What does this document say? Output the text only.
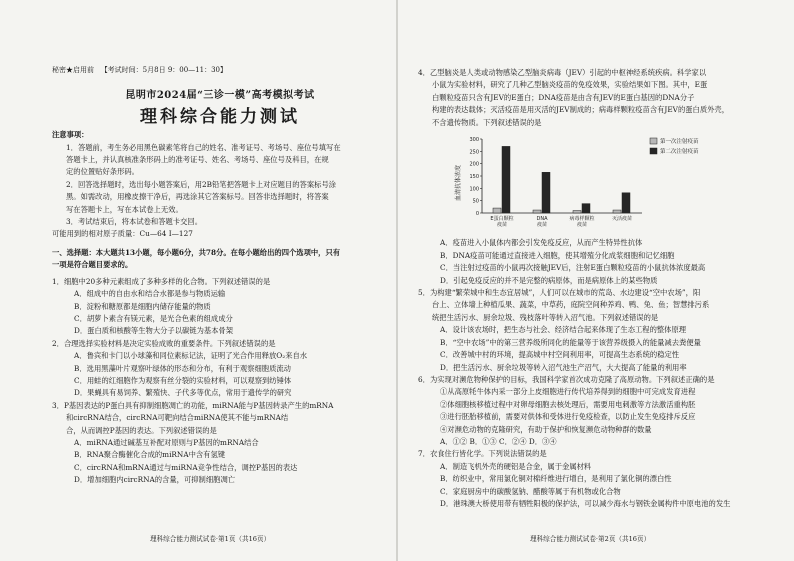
秘密★启用前 【考试时间：5月8日 9：00—11：30】

昆明市2024届“三诊一模”高考模拟考试

理科综合能力测试

注意事项：

1．答题前，考生务必用黑色碳素笔将自己的姓名、准考证号、考场号、座位号填写在

答题卡上，并认真核准条形码上的准考证号、姓名、考场号、座位号及科目，在规

定的位置贴好条形码。

2．回答选择题时，选出每小题答案后，用2B铅笔把答题卡上对应题目的答案标号涂

黑。如需改动，用橡皮擦干净后，再选涂其它答案标号。回答非选择题时，将答案

写在答题卡上，写在本试卷上无效。

3．考试结束后，将本试卷和答题卡交回。

可能用到的相对原子质量：Cu—64 I—127

一、选择题：本大题共13小题，每小题6分，共78分。在每小题给出的四个选项中，只有

一项是符合题目要求的。

1．细胞中20多种元素组成了多种多样的化合物。下列叙述错误的是

A．组成中的自由水和结合水都是参与物质运输

B．淀粉和糖原都是细胞内储存能量的物质

C．胡萝卜素含有镁元素，是光合色素的组成成分

D．蛋白质和核酸等生物大分子以碳链为基本骨架

2．合理选择实验材料是决定实验成败的重要条件。下列叙述错误的是

A．鲁宾和卡门以小球藻和同位素标记法，证明了光合作用释放O₂来自水

B．选用黑藻叶片观察叶绿体的形态和分布，有利于观察细胞质流动

C．用蛙的红细胞作为观察有丝分裂的实验材料，可以观察到纺锤体

D．果蝇具有易饲养、繁殖快、子代多等优点，常用于遗传学的研究

3．P基因表达的P蛋白具有抑制细胞凋亡的功能，miRNA能与P基因转录产生的mRNA

和circRNA结合，circRNA可靶向结合miRNA使其不能与mRNA结

合，从而调控P基因的表达。下列叙述错误的是

A．miRNA通过碱基互补配对原则与P基因的mRNA结合

B．RNA聚合酶催化合成的miRNA中含有氢键

C．circRNA和mRNA通过与miRNA竞争性结合，调控P基因的表达

D．增加细胞内circRNA的含量，可抑制细胞凋亡

理科综合能力测试试卷·第1页（共16页）

4．乙型脑炎是人类或动物感染乙型脑炎病毒（JEV）引起的中枢神经系统疾病。科学家以

小鼠为实验材料，研究了几种乙型脑炎疫苗的免疫效果，实验结果如下图。其中，E蛋

白颗粒疫苗只含有JEV的E蛋白；DNA疫苗是由含有JEV的E蛋白基因的DNA分子

构建的表达载体；灭活疫苗是用灭活的JEV制成的；病毒样颗粒疫苗含有JEV的蛋白质外壳，

不含遗传物质。下列叙述错误的是

血清抗体浓度
0
50
100
150
200
250
300
E蛋白颗粒
疫苗
DNA
疫苗
病毒样颗粒
疫苗
灭活疫苗
第一次注射疫苗
第二次注射疫苗

A．疫苗进入小鼠体内都会引发免疫反应，从而产生特异性抗体

B．DNA疫苗可能通过直接进入细胞，使其增殖分化成浆细胞和记忆细胞

C．当注射过疫苗的小鼠再次接触JEV后，注射E蛋白颗粒疫苗的小鼠抗体浓度最高

D．引起免疫反应的并不是完整的病原体，而是病原体上的某些物质

5．为构建“繁荣城中和生态宜居城”，人们可以在城市的荒岛、水边建设“空中农场”，阳

台上、立体墙上种植瓜果、蔬菜，中草药，庭院空间种养鸡、鸭、兔、鱼；智慧排污系

统把生活污水、厨余垃圾、残枝落叶等转入沼气池。下列叙述错误的是

A．设计该农场时，把生态与社会、经济结合起来体现了生态工程的整体原理

B．“空中农场”中的第三营养级所同化的能量等于该营养级摄入的能量减去粪便量

C．改善城中村的环境，提高城中村空间利用率，可提高生态系统的稳定性

D．把生活污水、厨余垃圾等转入沼气池生产沼气，大大提高了能量的利用率

6．为实现对濒危物种保护的目标，我国科学家首次成功克隆了高原动物。下列叙述正确的是

①从高原牦牛体内采一部分上皮细胞进行传代培养得到的细胞中可完成发育进程

②体细胞核移植过程中对卵母细胞去核处理后，需要用电刺激等方法激活重构胚

③进行胚胎移植前，需要对供体和受体进行免疫检查，以防止发生免疫排斥反应

④对濒危动物的克隆研究，有助于保护和恢复濒危动物种群的数量

A．①② B．①③ C．②④ D．③④

7．衣食住行皆化学。下列说法错误的是

A．制造飞机外壳的硬铝是合金，属于金属材料

B．纺织业中，常用氯化铜对棉纤维进行增白，是利用了氯化铜的漂白性

C．家庭厨房中的碳酸氢钠、醋酸等属于有机物或化合物

D．港珠澳大桥使用带有牺牲阳极的保护法，可以减少海水与钢铁金属构件中原电池的发生

理科综合能力测试试卷·第2页（共16页）
